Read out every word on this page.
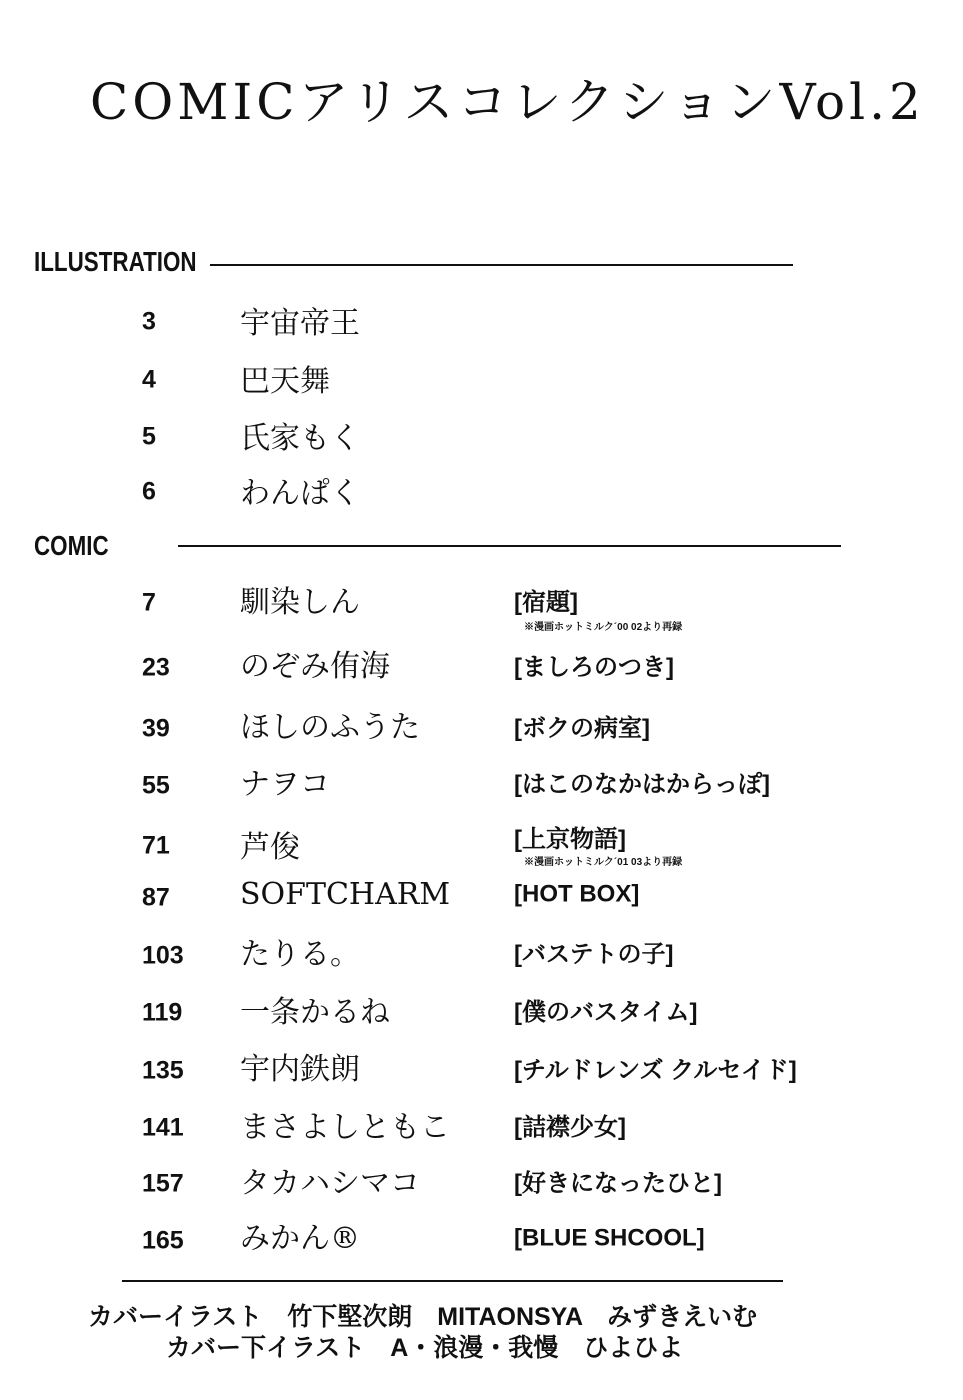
COMICアリスコレクションVol.2
ILLUSTRATION
3	宇宙帝王
4	巴天舞
5	氏家もく
6	わんぱく
COMIC
7	馴染しん	[宿題]
※漫画ホットミルク´00 02より再録
23 のぞみ侑海	[ましろのつき]
39 ほしのふうた	[ボクの病室]
55 ナヲコ	[はこのなかはからっぽ]
71 芦俊	[上京物語]
※漫画ホットミルク´01 03より再録
87 SOFTCHARM	[HOT BOX]
103 たりる。	[バステトの子]
119 一条かるね	[僕のバスタイム]
135 宇内鉄朗	[チルドレンズ クルセイド]
141 まさよしともこ	[詰襟少女]
157 タカハシマコ	[好きになったひと]
165 みかん®	[BLUE SHCOOL]
カバーイラスト　竹下堅次朗　MITAONSYA　みずきえいむ
カバー下イラスト　A・浪漫・我慢　ひよひよ
